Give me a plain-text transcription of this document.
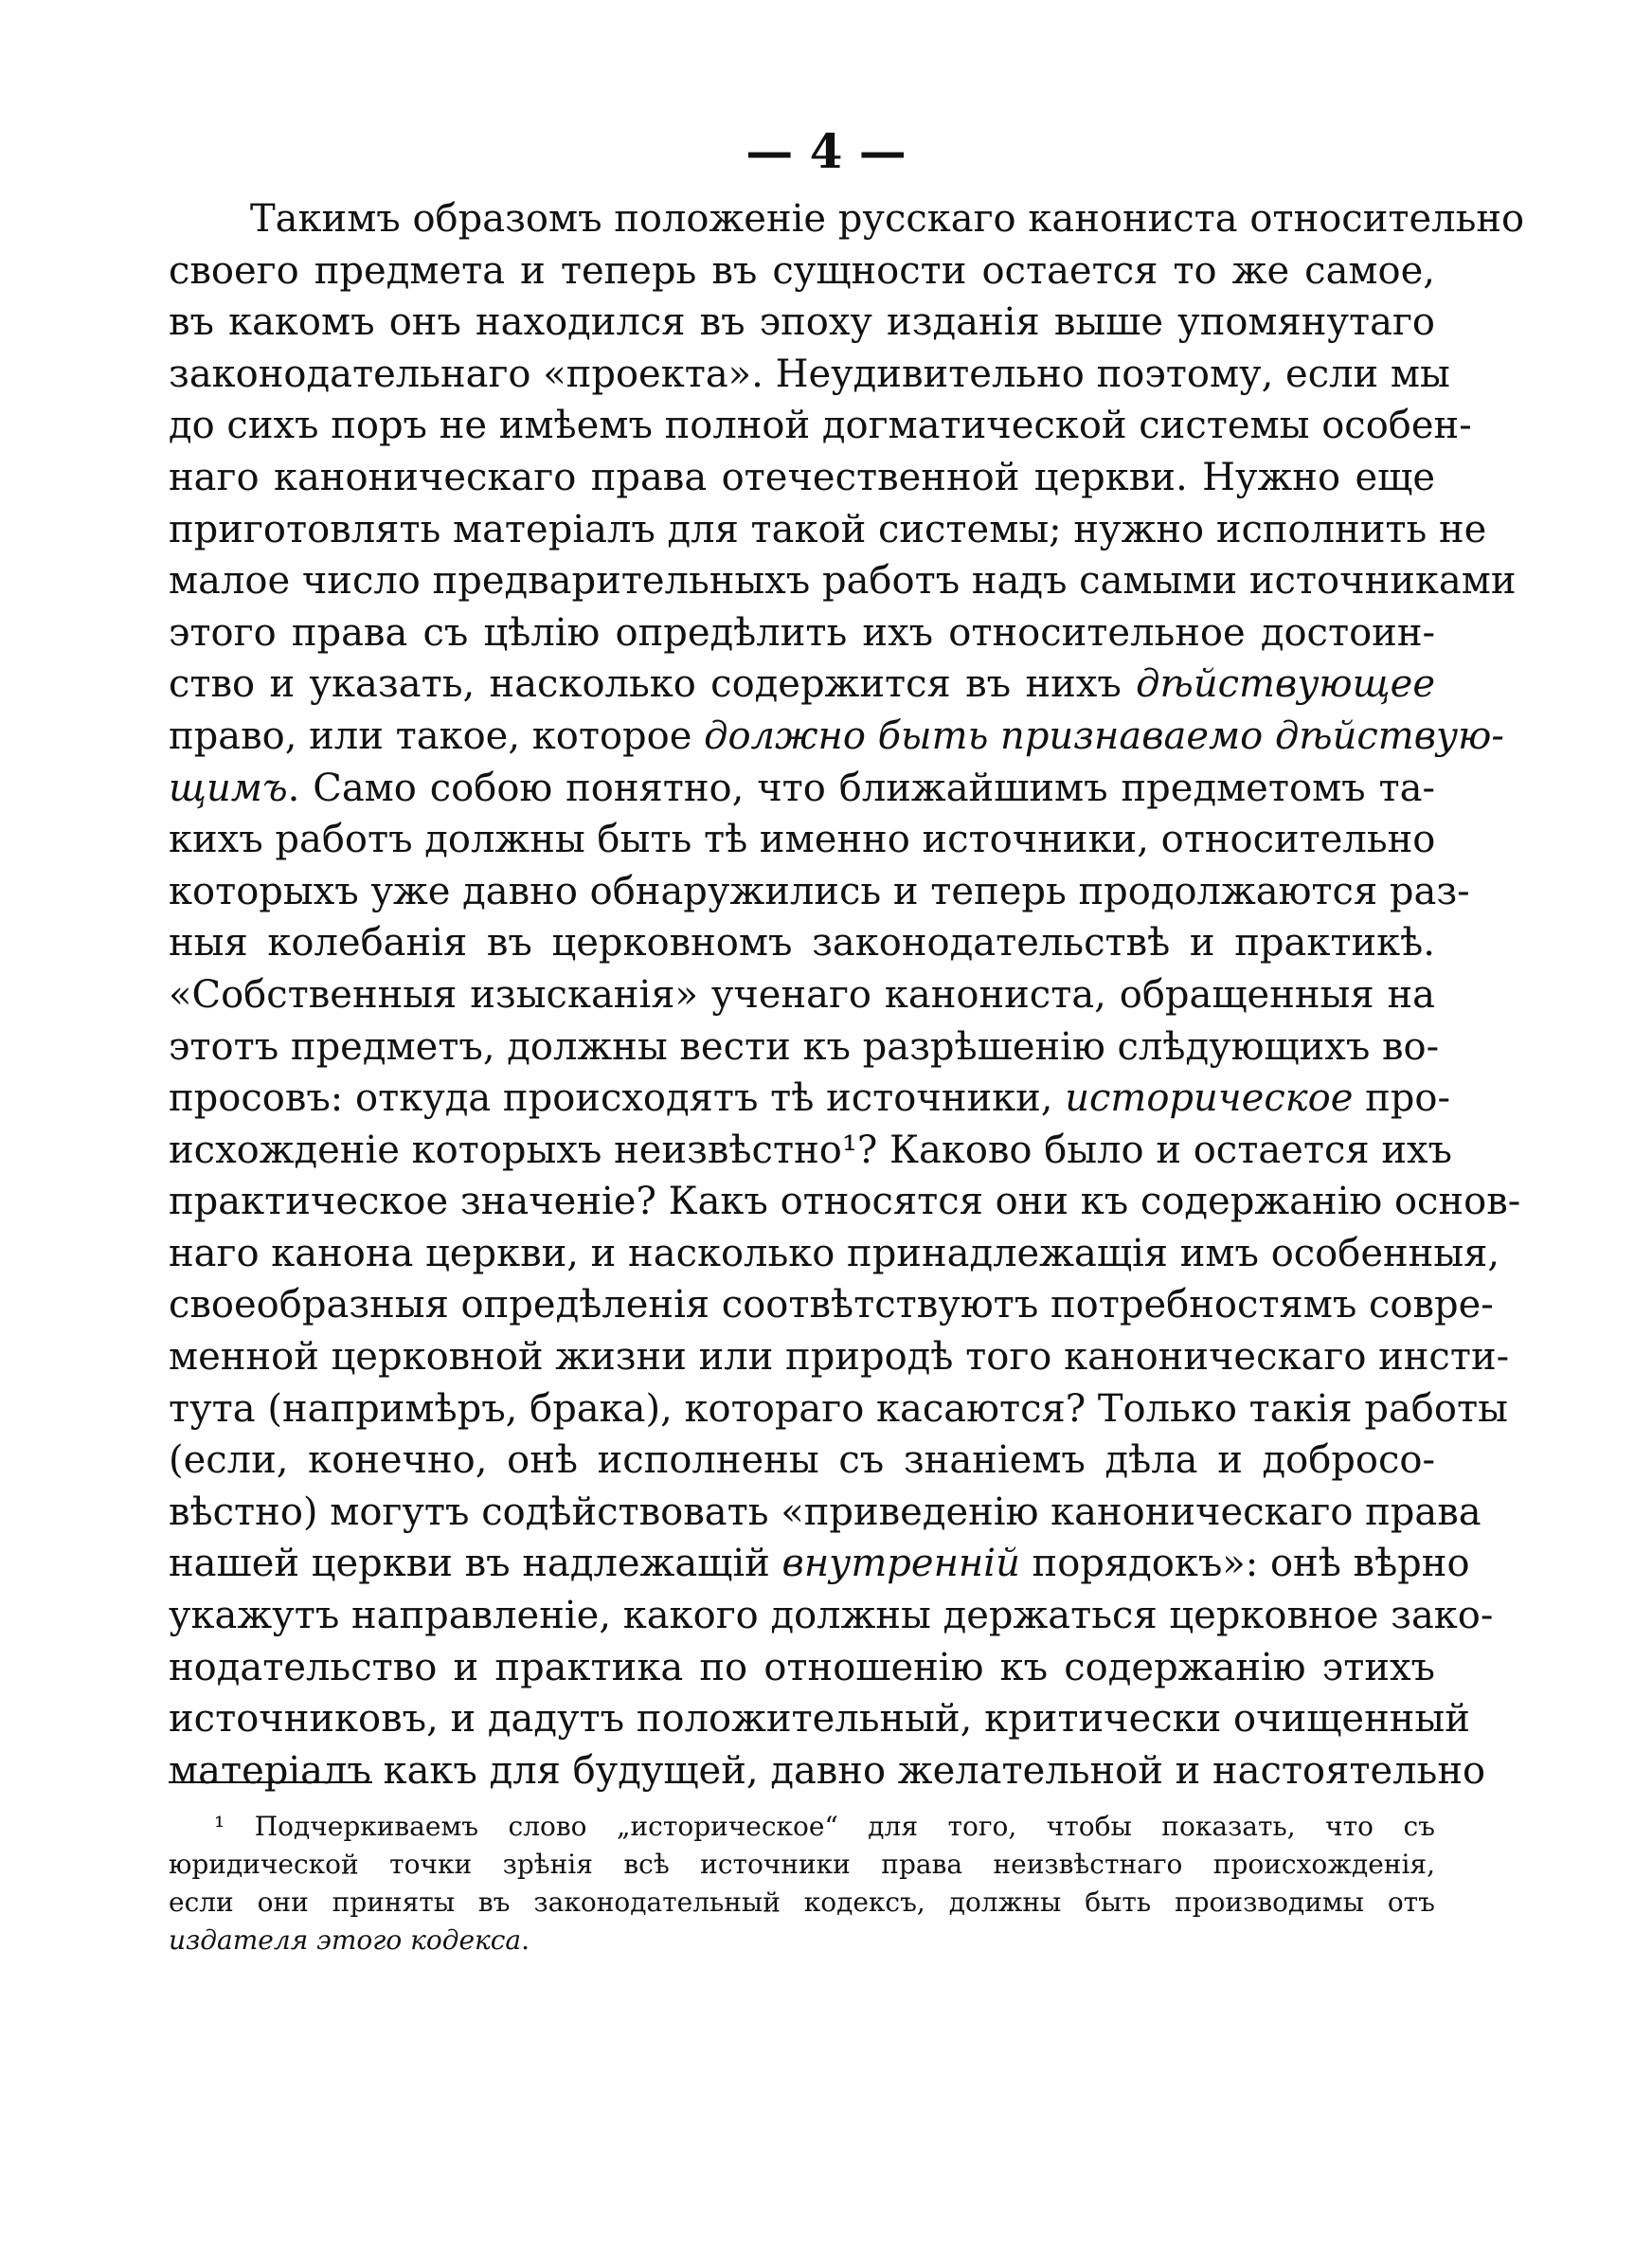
— 4 —
Такимъ образомъ положеніе русскаго канониста относительно
своего предмета и теперь въ сущности остается то же самое,
въ какомъ онъ находился въ эпоху изданія выше упомянутаго
законодательнаго «проекта». Неудивительно поэтому, если мы
до сихъ поръ не имѣемъ полной догматической системы особен-
наго каноническаго права отечественной церкви. Нужно еще
приготовлять матеріалъ для такой системы; нужно исполнить не
малое число предварительныхъ работъ надъ самыми источниками
этого права съ цѣлію опредѣлить ихъ относительное достоин-
ство и указать, насколько содержится въ нихъ дѣйствующее
право, или такое, которое должно быть признаваемо дѣйствую-
щимъ. Само собою понятно, что ближайшимъ предметомъ та-
кихъ работъ должны быть тѣ именно источники, относительно
которыхъ уже давно обнаружились и теперь продолжаются раз-
ныя колебанія въ церковномъ законодательствѣ и практикѣ.
«Собственныя изысканія» ученаго канониста, обращенныя на
этотъ предметъ, должны вести къ разрѣшенію слѣдующихъ во-
просовъ: откуда происходятъ тѣ источники, историческое про-
исхожденіе которыхъ неизвѣстно¹? Каково было и остается ихъ
практическое значеніе? Какъ относятся они къ содержанію основ-
наго канона церкви, и насколько принадлежащія имъ особенныя,
своеобразныя опредѣленія соотвѣтствуютъ потребностямъ совре-
менной церковной жизни или природѣ того каноническаго инсти-
тута (напримѣръ, брака), котораго касаются? Только такія работы
(если, конечно, онѣ исполнены съ знаніемъ дѣла и добросо-
вѣстно) могутъ содѣйствовать «приведенію каноническаго права
нашей церкви въ надлежащій внутренній порядокъ»: онѣ вѣрно
укажутъ направленіе, какого должны держаться церковное зако-
нодательство и практика по отношенію къ содержанію этихъ
источниковъ, и дадутъ положительный, критически очищенный
матеріалъ какъ для будущей, давно желательной и настоятельно
¹ Подчеркиваемъ слово „историческое“ для того, чтобы показать, что съ
юридической точки зрѣнія всѣ источники права неизвѣстнаго происхожденія,
если они приняты въ законодательный кодексъ, должны быть производимы отъ
издателя этого кодекса.
